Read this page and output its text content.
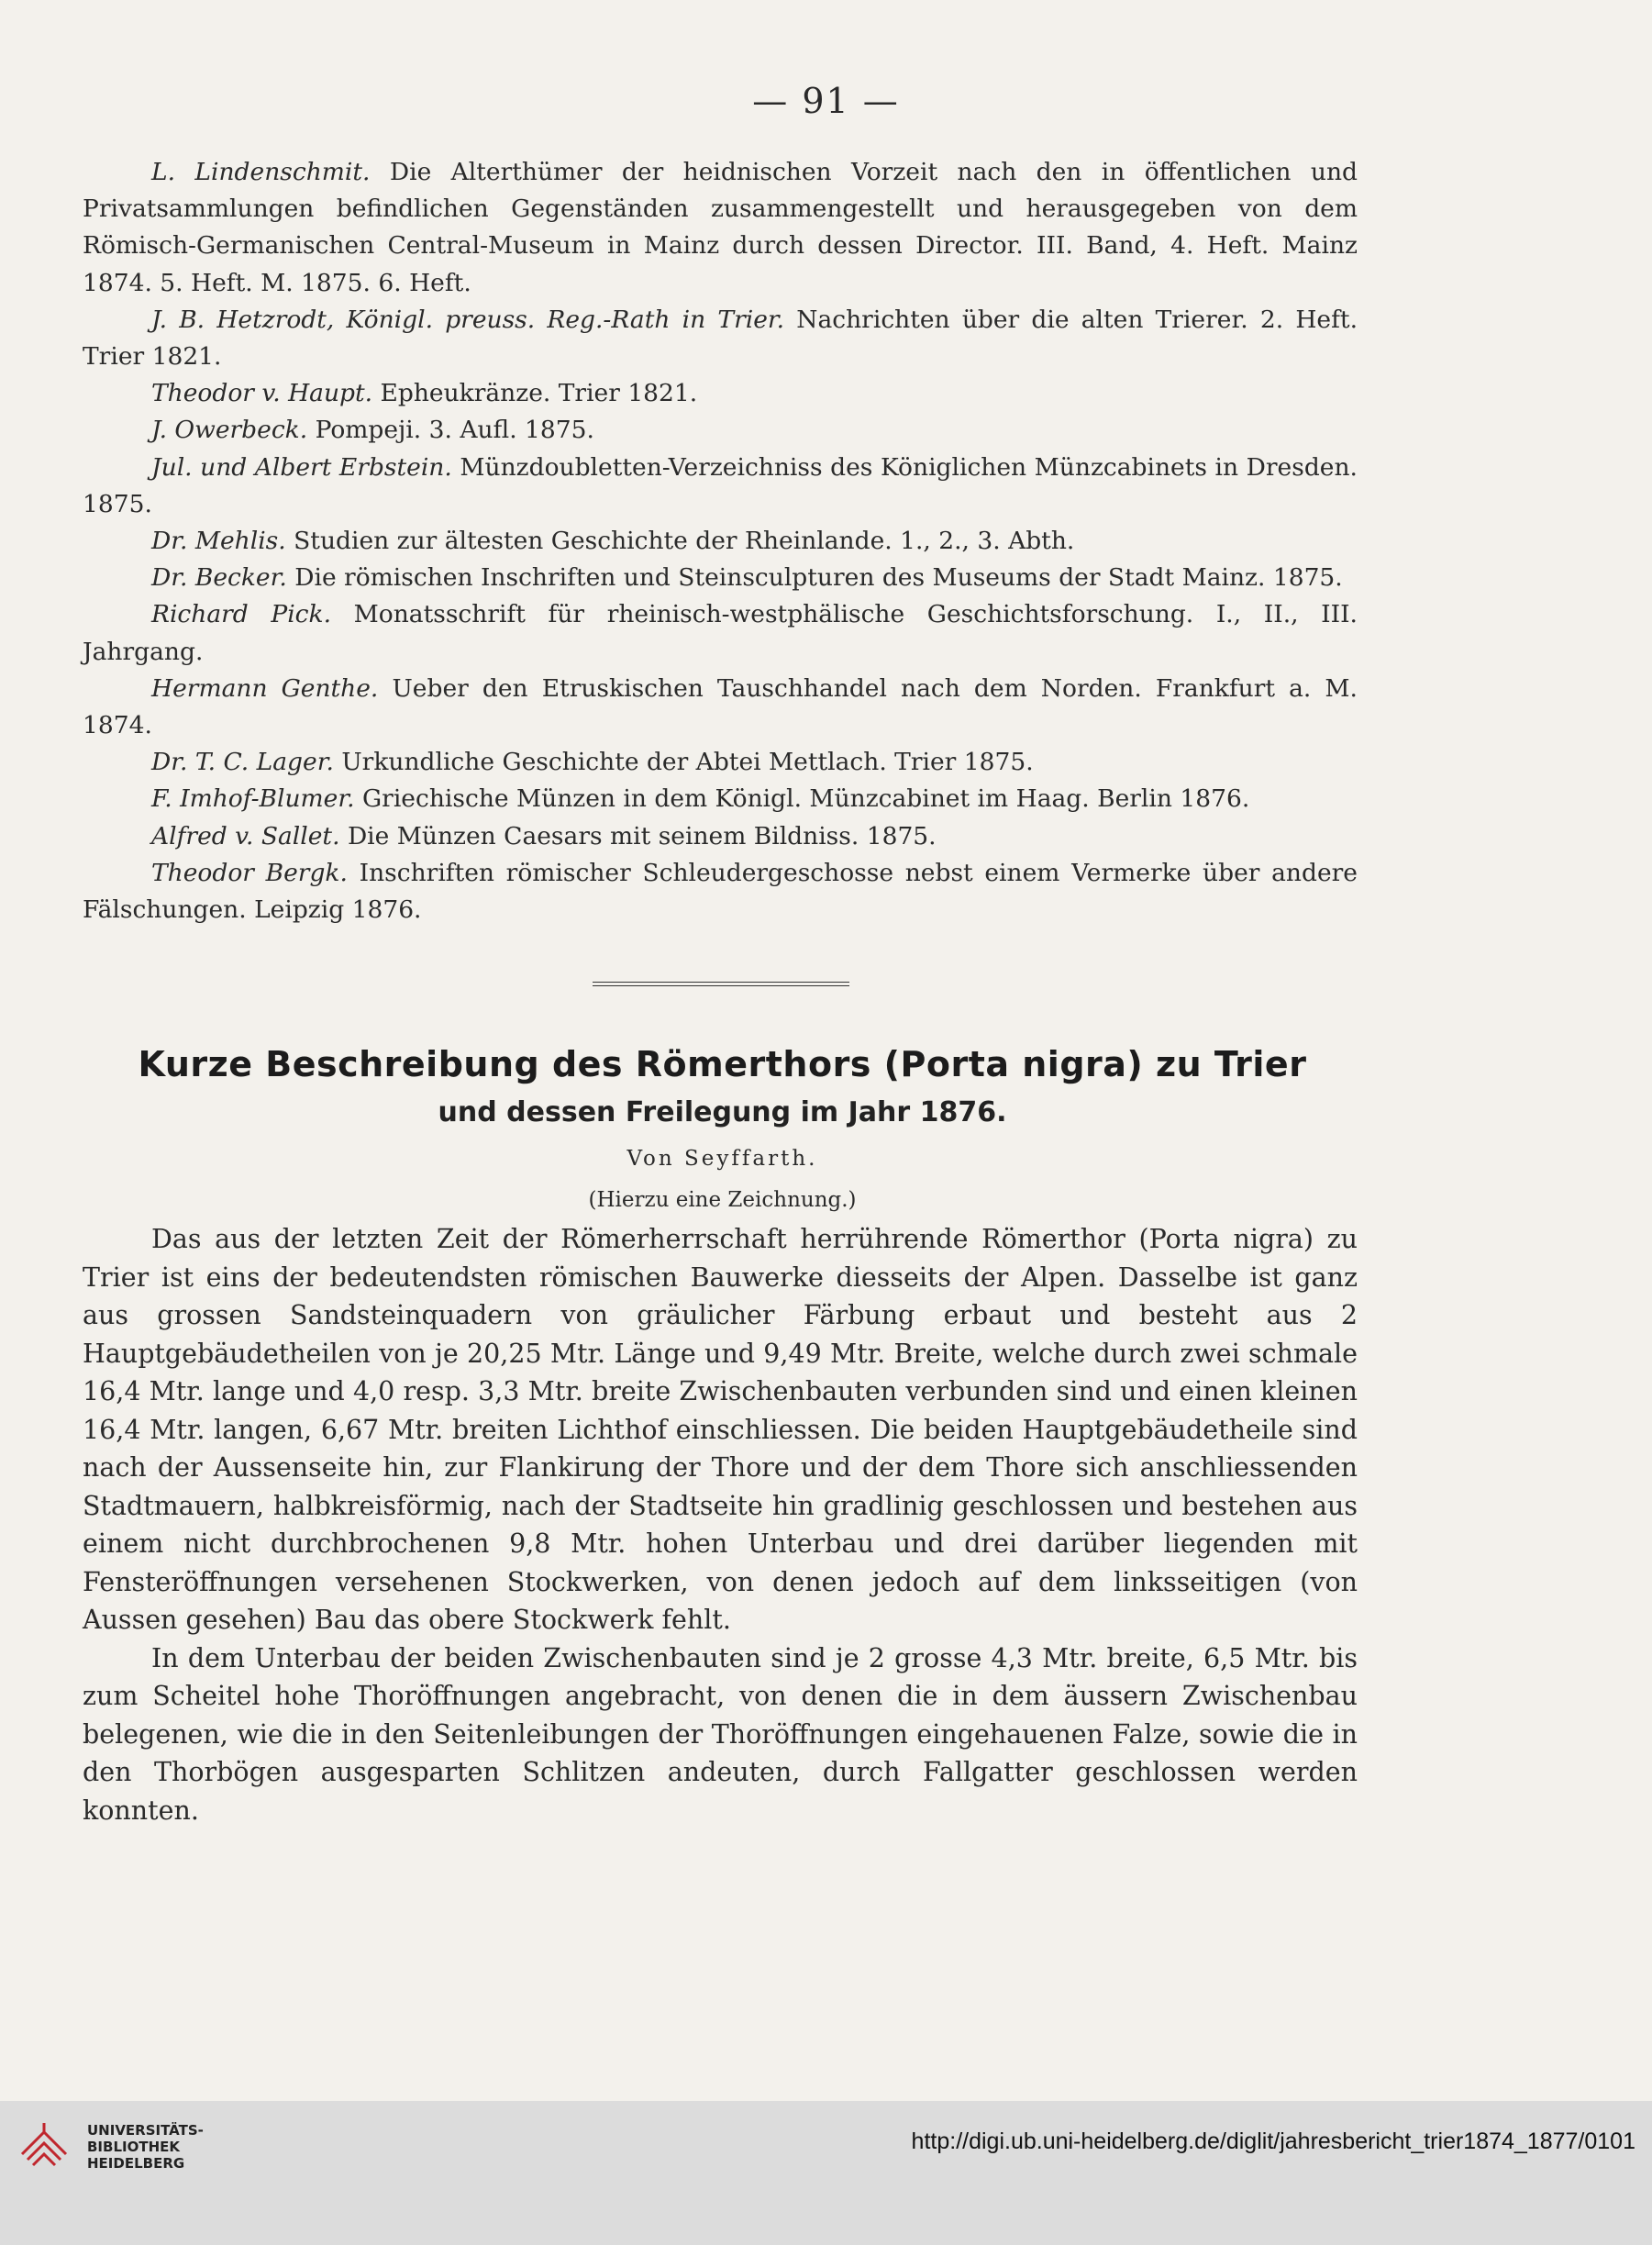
— 91 —

L. Lindenschmit. Die Alterthümer der heidnischen Vorzeit nach den in öffentlichen und Privatsammlungen befindlichen Gegenständen zusammengestellt und herausgegeben von dem Römisch-Germanischen Central-Museum in Mainz durch dessen Director. III. Band, 4. Heft. Mainz 1874. 5. Heft. M. 1875. 6. Heft.

J. B. Hetzrodt, Königl. preuss. Reg.-Rath in Trier. Nachrichten über die alten Trierer. 2. Heft. Trier 1821.

Theodor v. Haupt. Epheukränze. Trier 1821.

J. Owerbeck. Pompeji. 3. Aufl. 1875.

Jul. und Albert Erbstein. Münzdoubletten-Verzeichniss des Königlichen Münzcabinets in Dresden. 1875.

Dr. Mehlis. Studien zur ältesten Geschichte der Rheinlande. 1., 2., 3. Abth.

Dr. Becker. Die römischen Inschriften und Steinsculpturen des Museums der Stadt Mainz. 1875.

Richard Pick. Monatsschrift für rheinisch-westphälische Geschichtsforschung. I., II., III. Jahrgang.

Hermann Genthe. Ueber den Etruskischen Tauschhandel nach dem Norden. Frankfurt a. M. 1874.

Dr. T. C. Lager. Urkundliche Geschichte der Abtei Mettlach. Trier 1875.

F. Imhof-Blumer. Griechische Münzen in dem Königl. Münzcabinet im Haag. Berlin 1876.

Alfred v. Sallet. Die Münzen Caesars mit seinem Bildniss. 1875.

Theodor Bergk. Inschriften römischer Schleudergeschosse nebst einem Vermerke über andere Fälschungen. Leipzig 1876.

Kurze Beschreibung des Römerthors (Porta nigra) zu Trier
und dessen Freilegung im Jahr 1876.
Von Seyffarth.
(Hierzu eine Zeichnung.)

Das aus der letzten Zeit der Römerherrschaft herrührende Römerthor (Porta nigra) zu Trier ist eins der bedeutendsten römischen Bauwerke diesseits der Alpen. Dasselbe ist ganz aus grossen Sandsteinquadern von gräulicher Färbung erbaut und besteht aus 2 Hauptgebäudetheilen von je 20,25 Mtr. Länge und 9,49 Mtr. Breite, welche durch zwei schmale 16,4 Mtr. lange und 4,0 resp. 3,3 Mtr. breite Zwischenbauten verbunden sind und einen kleinen 16,4 Mtr. langen, 6,67 Mtr. breiten Lichthof einschliessen. Die beiden Hauptgebäudetheile sind nach der Aussenseite hin, zur Flankirung der Thore und der dem Thore sich anschliessenden Stadtmauern, halbkreisförmig, nach der Stadtseite hin gradlinig geschlossen und bestehen aus einem nicht durchbrochenen 9,8 Mtr. hohen Unterbau und drei darüber liegenden mit Fensteröffnungen versehenen Stockwerken, von denen jedoch auf dem linksseitigen (von Aussen gesehen) Bau das obere Stockwerk fehlt.

In dem Unterbau der beiden Zwischenbauten sind je 2 grosse 4,3 Mtr. breite, 6,5 Mtr. bis zum Scheitel hohe Thoröffnungen angebracht, von denen die in dem äussern Zwischenbau belegenen, wie die in den Seitenleibungen der Thoröffnungen eingehauenen Falze, sowie die in den Thorbögen ausgesparten Schlitzen andeuten, durch Fallgatter geschlossen werden konnten.

UNIVERSITÄTS-
BIBLIOTHEK
HEIDELBERG
http://digi.ub.uni-heidelberg.de/diglit/jahresbericht_trier1874_1877/0101
